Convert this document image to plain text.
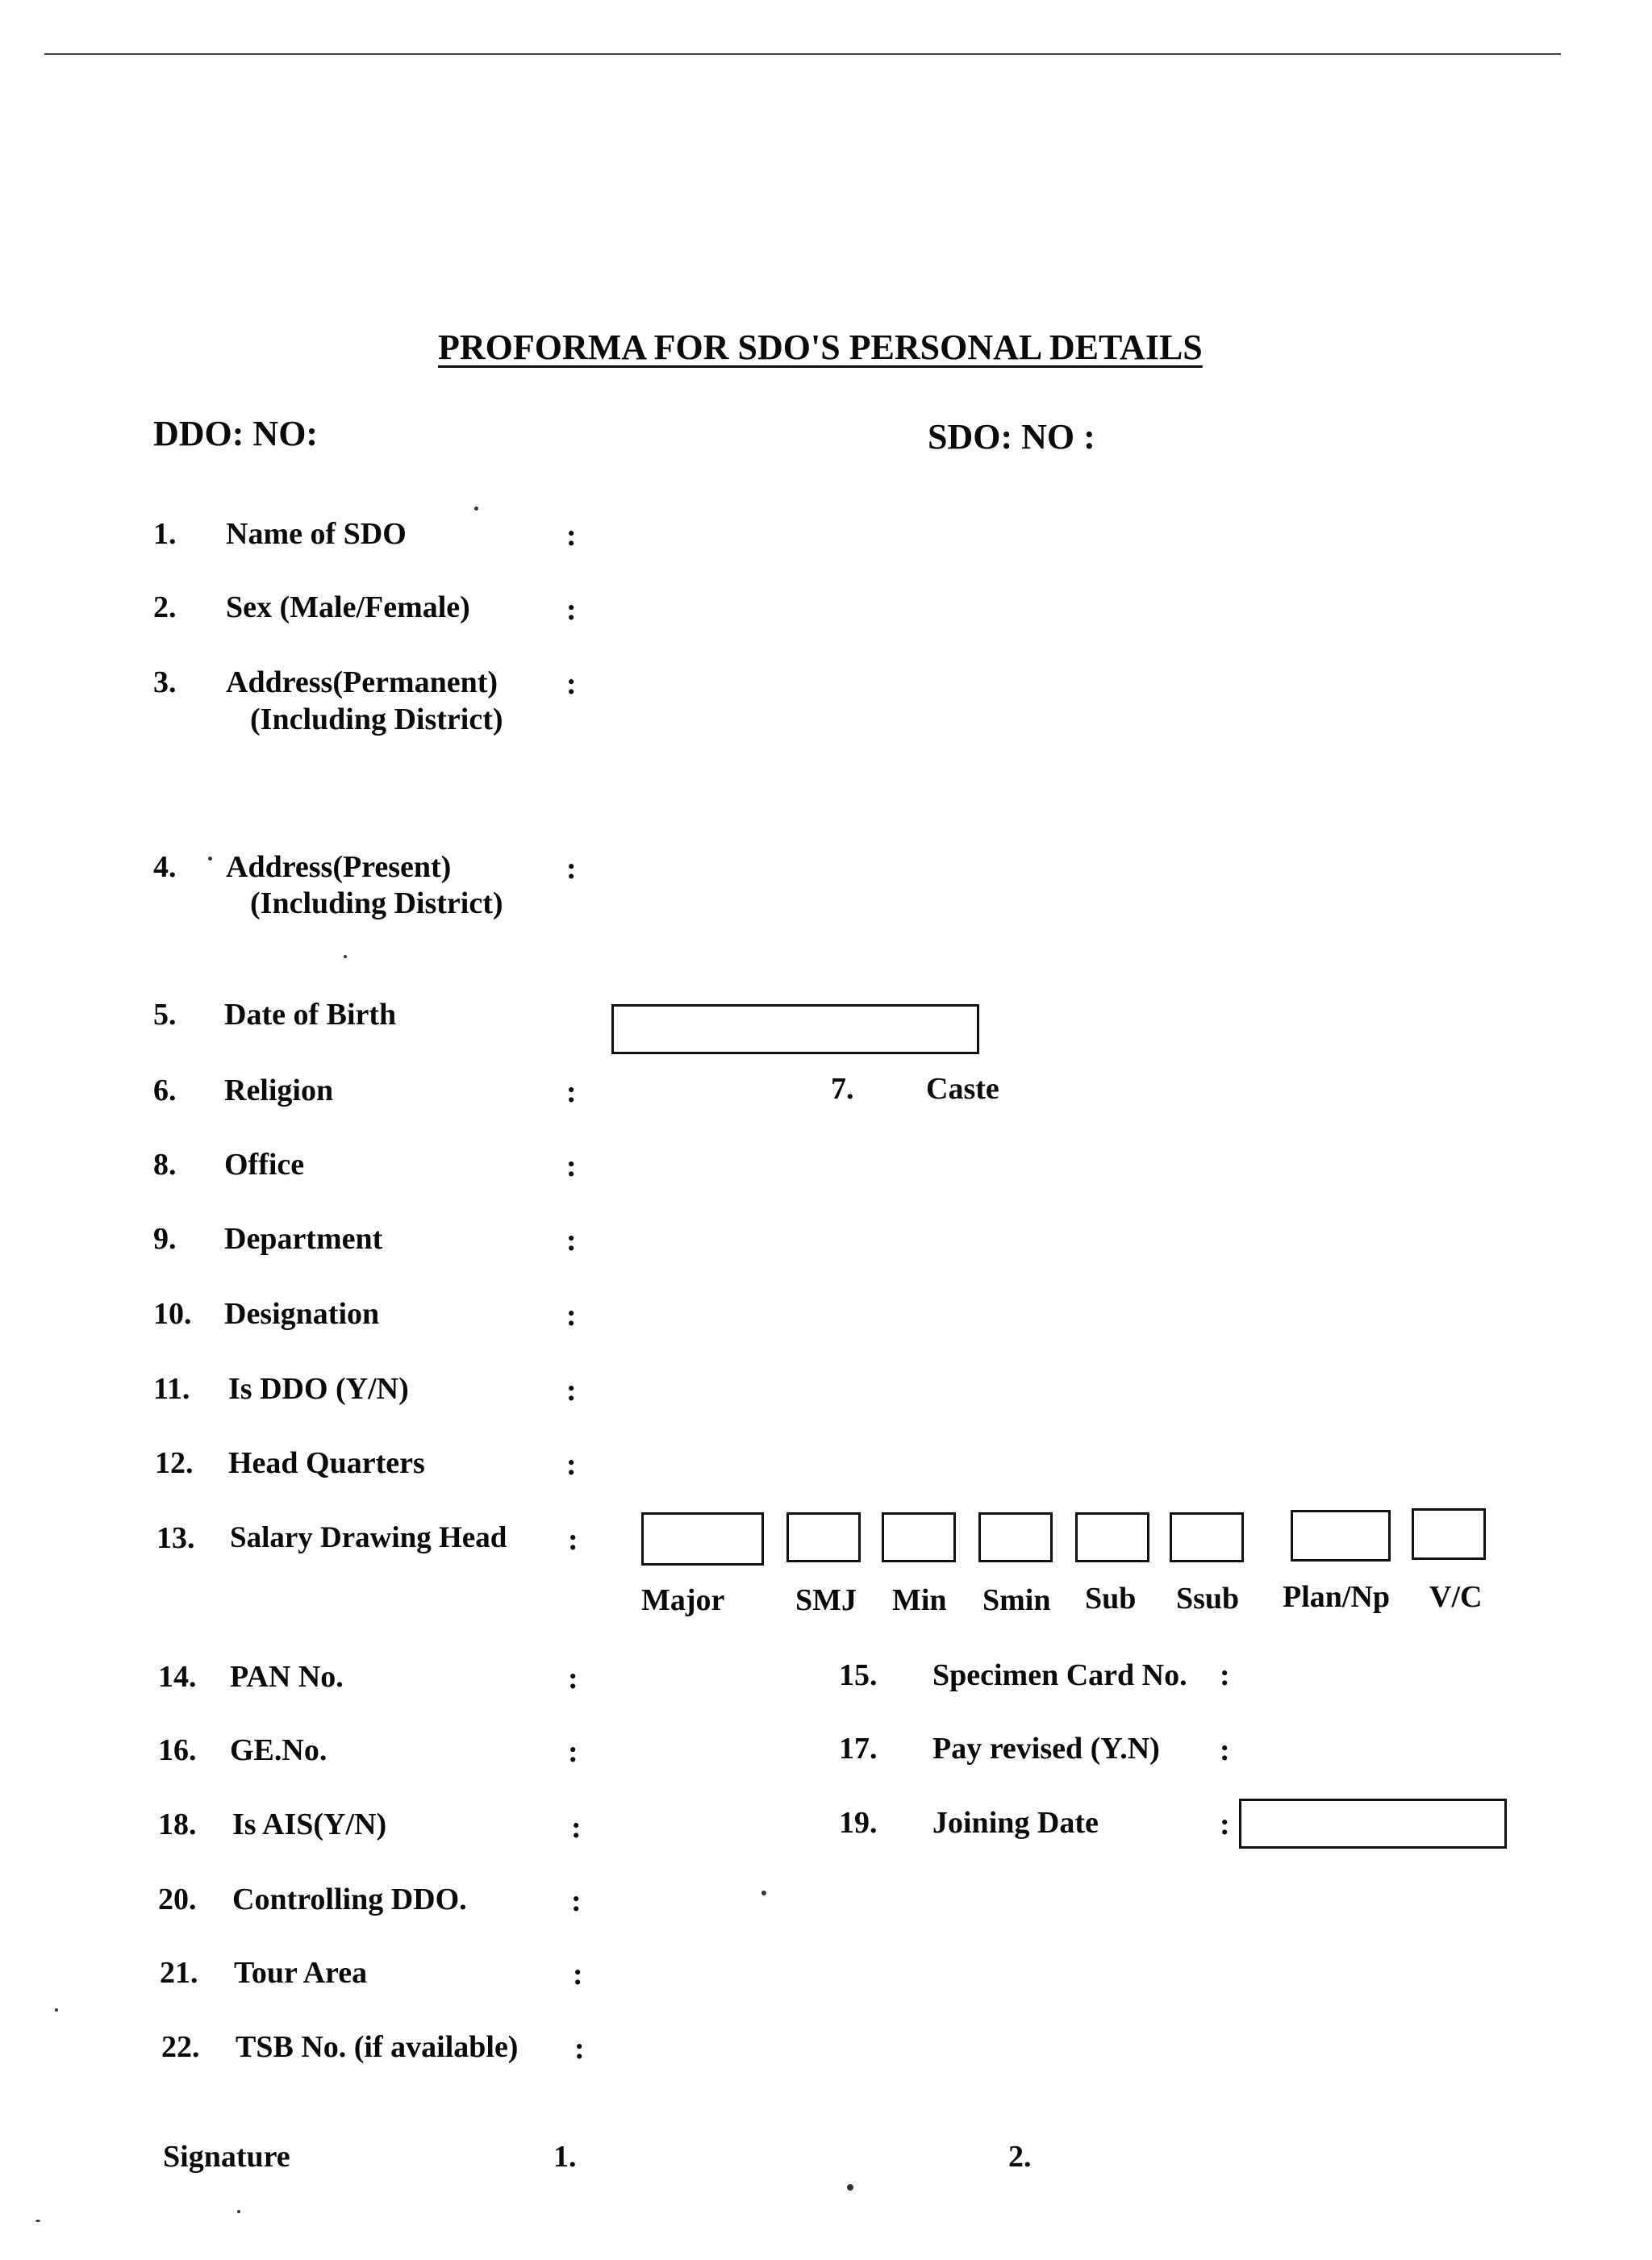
PROFORMA FOR SDO'S PERSONAL DETAILS
DDO: NO:	SDO: NO :
1. Name of SDO	:
2. Sex (Male/Female)	:
3. Address(Permanent)
(Including District)
:
4. Address(Present)
(Including District)
:
5. Date of Birth
6. Religion	:	7. Caste
8. Office	:
9. Department	:
10. Designation	:
11. Is DDO (Y/N)	:
12. Head Quarters	:
13. Salary Drawing Head :
Major SMJ Min Smin Sub Ssub Plan/Np V/C
14. PAN No.	:	15. Specimen Card No. :
16. GE.No.	:	17. Pay revised (Y.N) :
18. Is AIS(Y/N)	:	19. Joining Date	:
20. Controlling DDO.	:
21. Tour Area	:
22. TSB No. (if available) :
Signature	1.	2.
